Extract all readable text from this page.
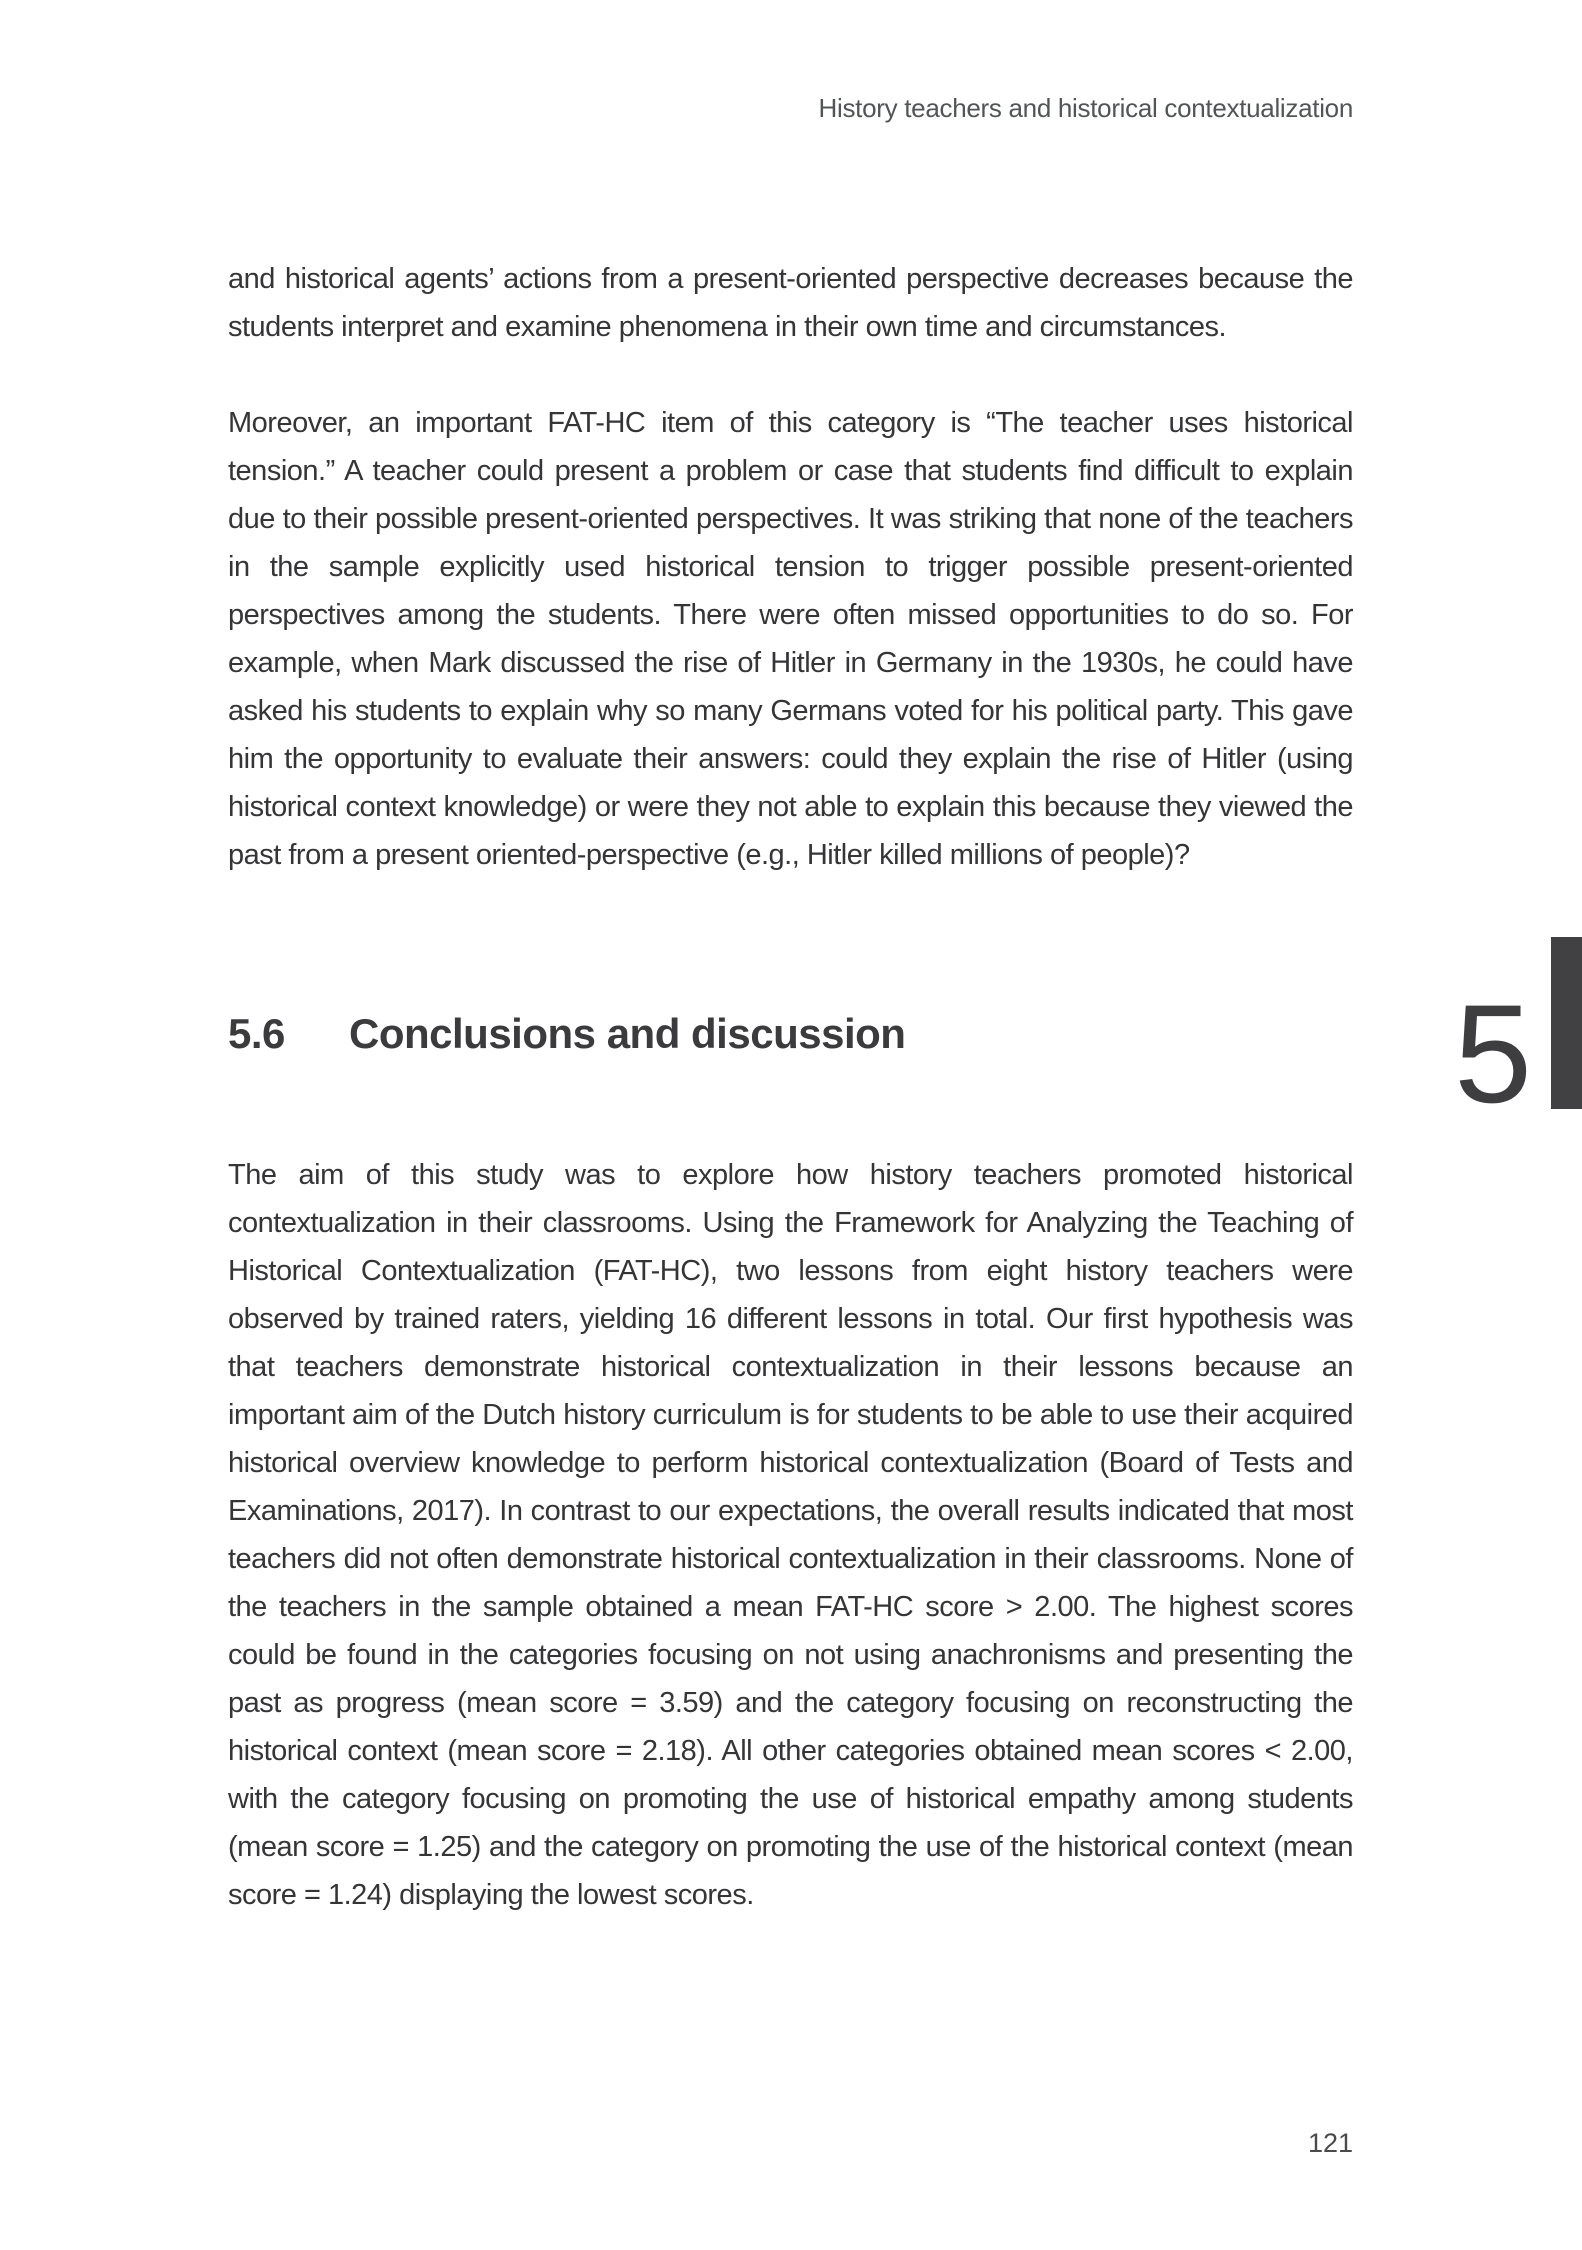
History teachers and historical contextualization

and historical agents’ actions from a present-oriented perspective decreases because the students interpret and examine phenomena in their own time and circumstances.

Moreover, an important FAT-HC item of this category is “The teacher uses historical tension.” A teacher could present a problem or case that students find difficult to explain due to their possible present-oriented perspectives. It was striking that none of the teachers in the sample explicitly used historical tension to trigger possible present-oriented perspectives among the students. There were often missed opportunities to do so. For example, when Mark discussed the rise of Hitler in Germany in the 1930s, he could have asked his students to explain why so many Germans voted for his political party. This gave him the opportunity to evaluate their answers: could they explain the rise of Hitler (using historical context knowledge) or were they not able to explain this because they viewed the past from a present oriented-perspective (e.g., Hitler killed millions of people)?

5.6	Conclusions and discussion	5

The aim of this study was to explore how history teachers promoted historical contextualization in their classrooms. Using the Framework for Analyzing the Teaching of Historical Contextualization (FAT-HC), two lessons from eight history teachers were observed by trained raters, yielding 16 different lessons in total. Our first hypothesis was that teachers demonstrate historical contextualization in their lessons because an important aim of the Dutch history curriculum is for students to be able to use their acquired historical overview knowledge to perform historical contextualization (Board of Tests and Examinations, 2017). In contrast to our expectations, the overall results indicated that most teachers did not often demonstrate historical contextualization in their classrooms. None of the teachers in the sample obtained a mean FAT-HC score > 2.00. The highest scores could be found in the categories focusing on not using anachronisms and presenting the past as progress (mean score = 3.59) and the category focusing on reconstructing the historical context (mean score = 2.18). All other categories obtained mean scores < 2.00, with the category focusing on promoting the use of historical empathy among students (mean score = 1.25) and the category on promoting the use of the historical context (mean score = 1.24) displaying the lowest scores.

121
